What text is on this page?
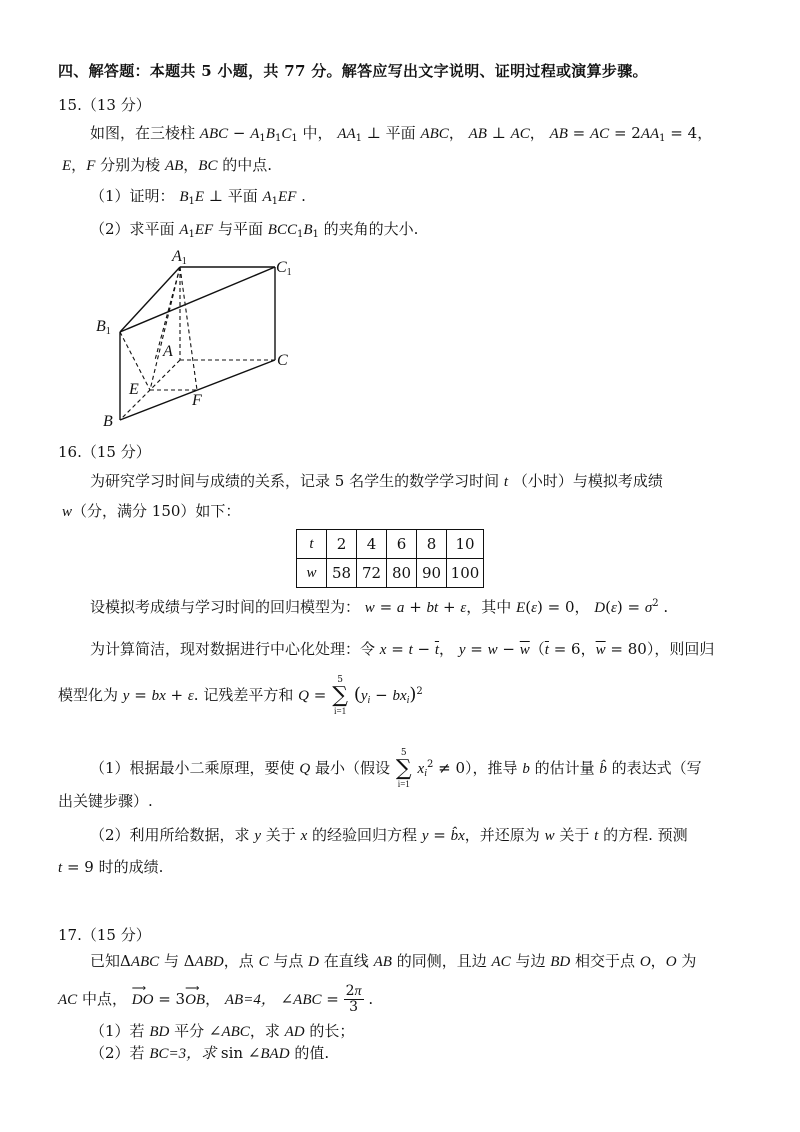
四、解答题：本题共 5 小题，共 77 分。解答应写出文字说明、证明过程或演算步骤。
15.（13 分）
如图，在三棱柱 ABC − $A_1B_1C_1$ 中， $AA_1$ ⊥ 平面 ABC， AB ⊥ AC， AB = AC = $2AA_1 = 4$，
E，F 分别为棱 AB，BC 的中点.
（1）证明： $B_1E$ ⊥ 平面 $A_1EF$ .
（2）求平面 $A_1EF$ 与平面 $BCC_1B_1$ 的夹角的大小.
$A_1$	$C_1$
$B_1$
A
C
E
F
B
16.（15 分）
为研究学习时间与成绩的关系，记录 5 名学生的数学学习时间 t （小时）与模拟考成绩
w（分，满分 150）如下：
t	2	4	6	8	10
w	58	72	80	90	100
设模拟考成绩与学习时间的回归模型为： w = a + bt + ε，其中 E(ε) = 0， $D(\varepsilon) = \sigma^2$ .
为计算简洁，现对数据进行中心化处理：令 $x = t - \overline{t}$， $y = w - \overline{w}(\overline{t} = 6$，$\overline{w} = 80$），则回归
模型化为 y = bx + ε. 记残差平方和 Q =
5
∑
i=1
$(y_i - bx_i)^2$
（1）根据最小二乘原理，要使 Q 最小（假设
5
∑
i=1
$x_i^2 \ne 0$），推导 b 的估计量 b̂ 的表达式（写
出关键步骤）.
（2）利用所给数据，求 y 关于 x 的经验回归方程 y = b̂x，并还原为 w 关于 t 的方程. 预测
t = 9 时的成绩.
17.（15 分）
已知ΔABC 与 ΔABD，点 C 与点 D 在直线 AB 的同侧，且边 AC 与边 BD 相交于点 O，O 为
AC 中点， DO
⟶
= 3OB
⟶
， AB=4， ∠ABC = $\frac{2\pi}{3}$ .
（1）若 BD 平分 ∠ABC，求 AD 的长；
（2）若 BC=3，求 sin ∠BAD 的值.
